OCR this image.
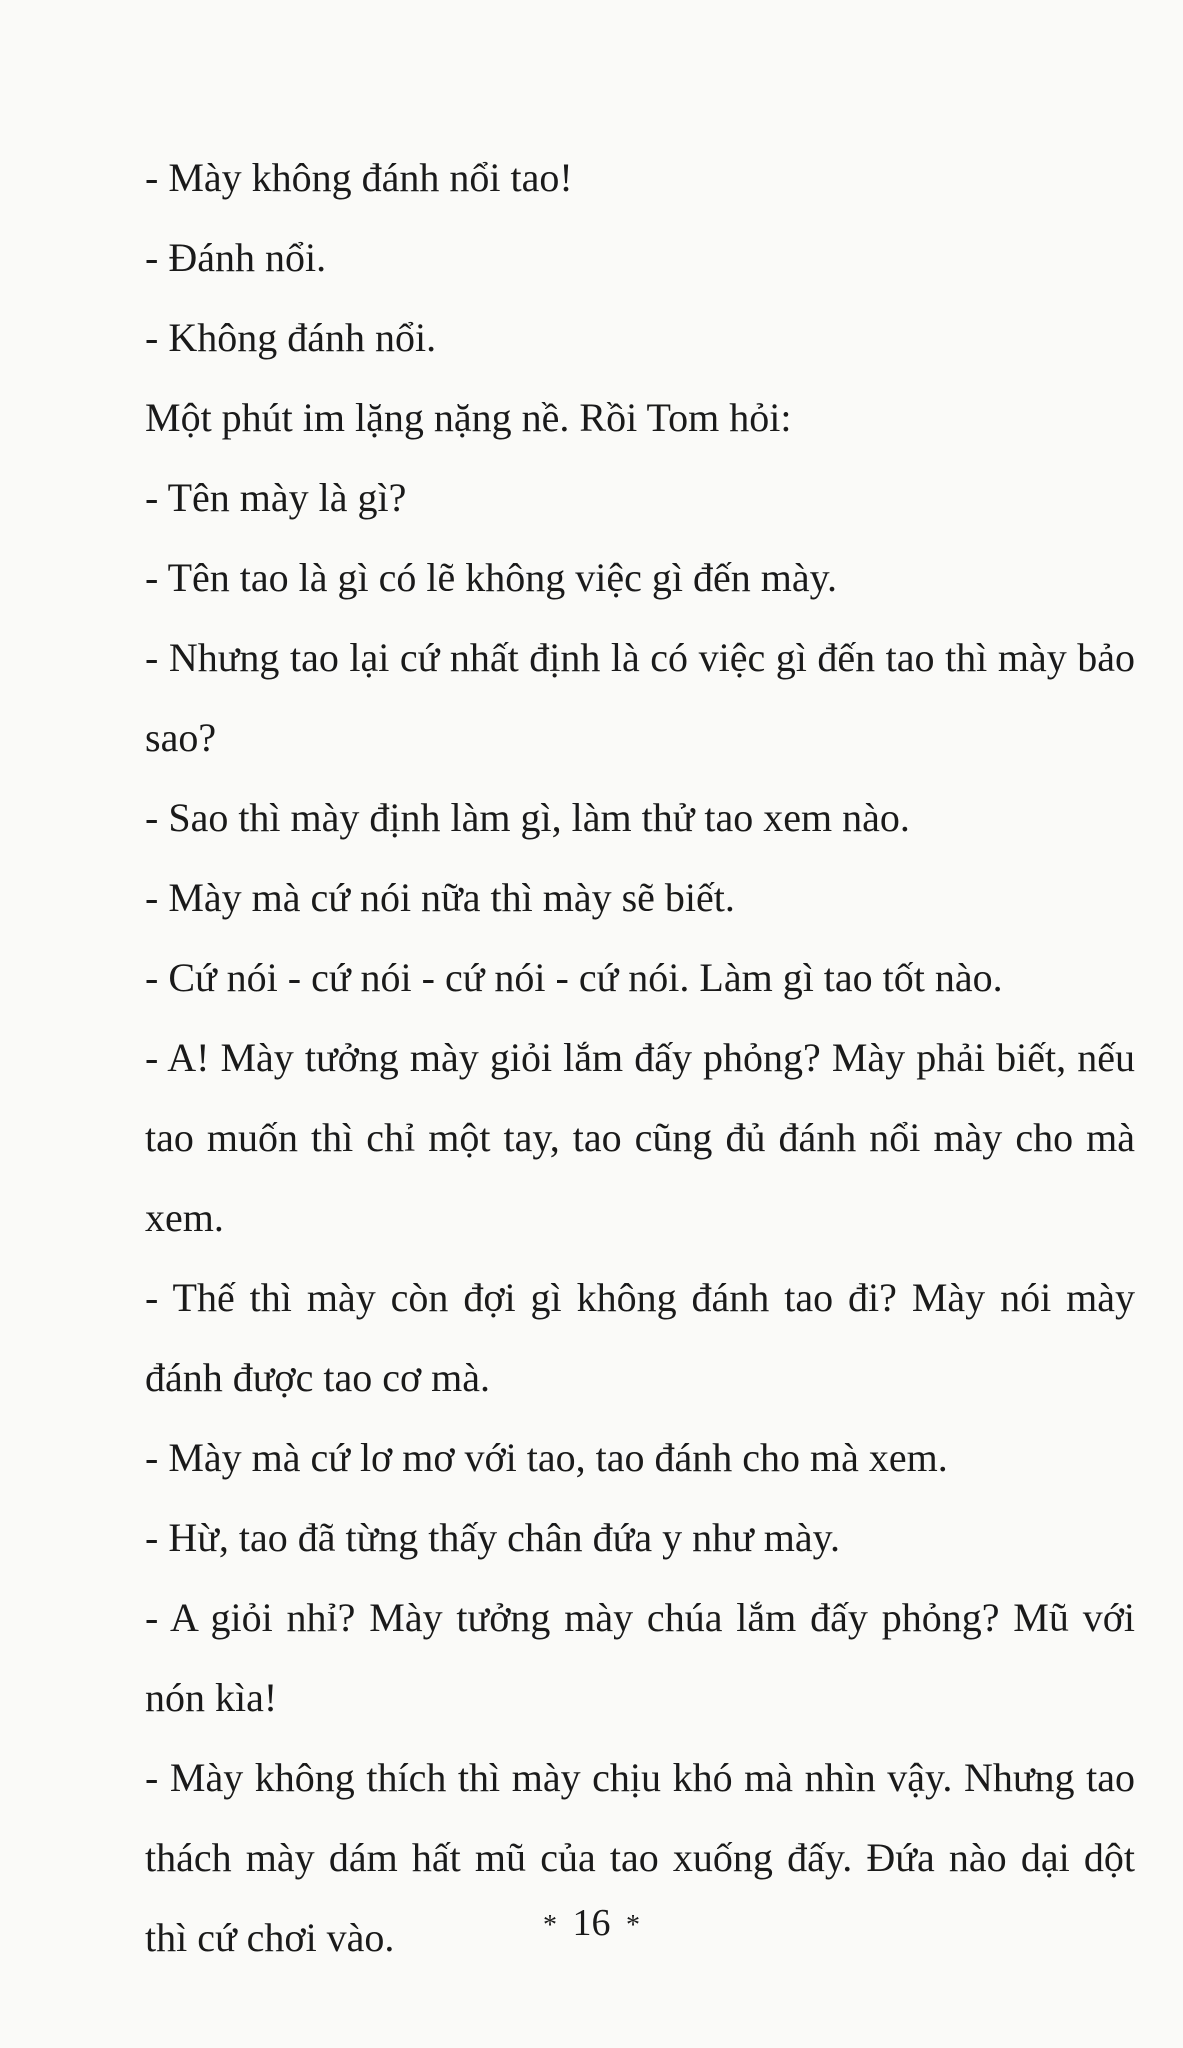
- Mày không đánh nổi tao!

- Đánh nổi.

- Không đánh nổi.

Một phút im lặng nặng nề. Rồi Tom hỏi:

- Tên mày là gì?

- Tên tao là gì có lẽ không việc gì đến mày.

- Nhưng tao lại cứ nhất định là có việc gì đến tao thì mày bảo sao?

- Sao thì mày định làm gì, làm thử tao xem nào.

- Mày mà cứ nói nữa thì mày sẽ biết.

- Cứ nói - cứ nói - cứ nói - cứ nói. Làm gì tao tốt nào.

- A! Mày tưởng mày giỏi lắm đấy phỏng? Mày phải biết, nếu tao muốn thì chỉ một tay, tao cũng đủ đánh nổi mày cho mà xem.

- Thế thì mày còn đợi gì không đánh tao đi? Mày nói mày đánh được tao cơ mà.

- Mày mà cứ lơ mơ với tao, tao đánh cho mà xem.

- Hừ, tao đã từng thấy chân đứa y như mày.

- A giỏi nhỉ? Mày tưởng mày chúa lắm đấy phỏng? Mũ với nón kìa!

- Mày không thích thì mày chịu khó mà nhìn vậy. Nhưng tao thách mày dám hất mũ của tao xuống đấy. Đứa nào dại dột thì cứ chơi vào.	* 16 *
